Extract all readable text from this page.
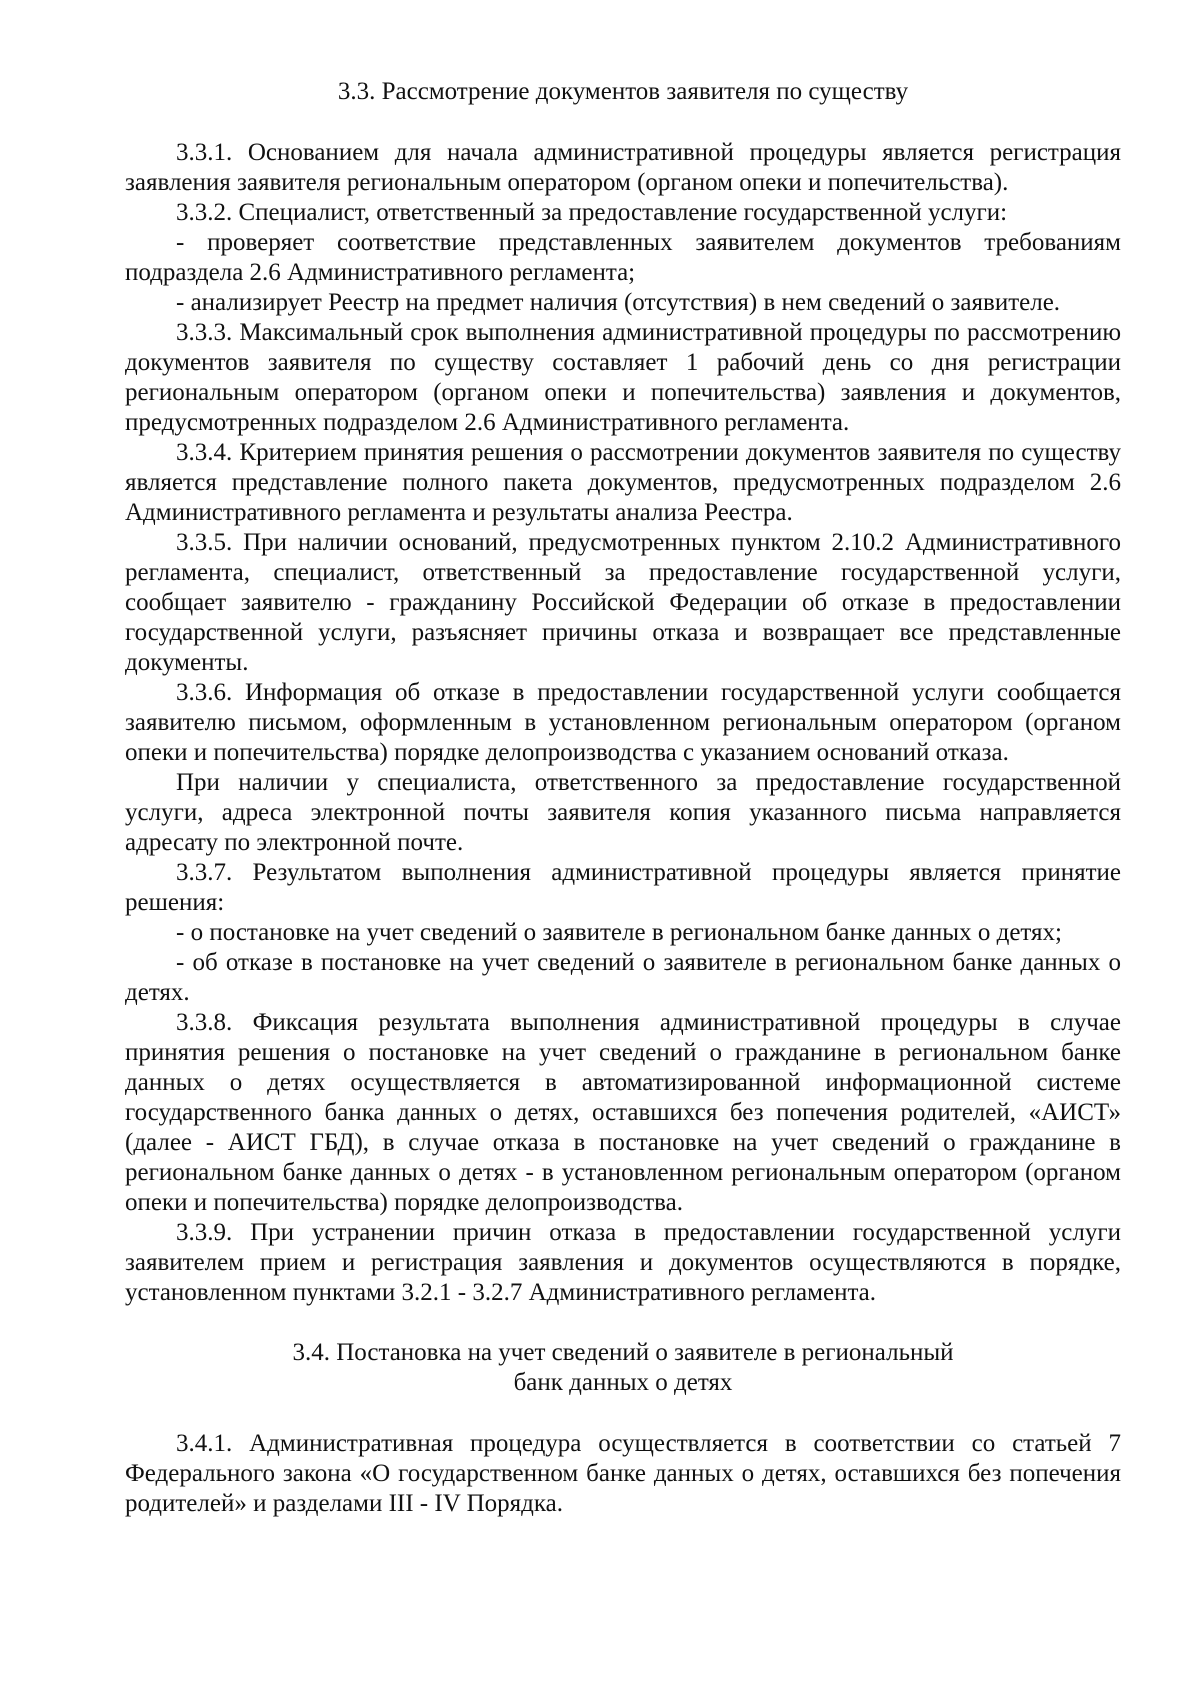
3.3. Рассмотрение документов заявителя по существу

3.3.1. Основанием для начала административной процедуры является регистрация заявления заявителя региональным оператором (органом опеки и попечительства).

3.3.2. Специалист, ответственный за предоставление государственной услуги:

- проверяет соответствие представленных заявителем документов требованиям подраздела 2.6 Административного регламента;

- анализирует Реестр на предмет наличия (отсутствия) в нем сведений о заявителе.

3.3.3. Максимальный срок выполнения административной процедуры по рассмотрению документов заявителя по существу составляет 1 рабочий день со дня регистрации региональным оператором (органом опеки и попечительства) заявления и документов, предусмотренных подразделом 2.6 Административного регламента.

3.3.4. Критерием принятия решения о рассмотрении документов заявителя по существу является представление полного пакета документов, предусмотренных подразделом 2.6 Административного регламента и результаты анализа Реестра.

3.3.5. При наличии оснований, предусмотренных пунктом 2.10.2 Административного регламента, специалист, ответственный за предоставление государственной услуги, сообщает заявителю - гражданину Российской Федерации об отказе в предоставлении государственной услуги, разъясняет причины отказа и возвращает все представленные документы.

3.3.6. Информация об отказе в предоставлении государственной услуги сообщается заявителю письмом, оформленным в установленном региональным оператором (органом опеки и попечительства) порядке делопроизводства с указанием оснований отказа.

При наличии у специалиста, ответственного за предоставление государственной услуги, адреса электронной почты заявителя копия указанного письма направляется адресату по электронной почте.

3.3.7. Результатом выполнения административной процедуры является принятие решения:

- о постановке на учет сведений о заявителе в региональном банке данных о детях;

- об отказе в постановке на учет сведений о заявителе в региональном банке данных о детях.

3.3.8. Фиксация результата выполнения административной процедуры в случае принятия решения о постановке на учет сведений о гражданине в региональном банке данных о детях осуществляется в автоматизированной информационной системе государственного банка данных о детях, оставшихся без попечения родителей, «АИСТ» (далее - АИСТ ГБД), в случае отказа в постановке на учет сведений о гражданине в региональном банке данных о детях - в установленном региональным оператором (органом опеки и попечительства) порядке делопроизводства.

3.3.9. При устранении причин отказа в предоставлении государственной услуги заявителем прием и регистрация заявления и документов осуществляются в порядке, установленном пунктами 3.2.1 - 3.2.7 Административного регламента.

3.4. Постановка на учет сведений о заявителе в региональный
банк данных о детях

3.4.1. Административная процедура осуществляется в соответствии со статьей 7 Федерального закона «О государственном банке данных о детях, оставшихся без попечения родителей» и разделами III - IV Порядка.
